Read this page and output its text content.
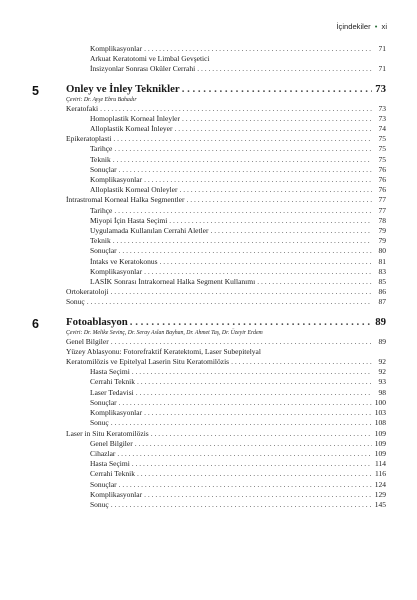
İçindekiler • xi
Komplikasyonlar . . .	71
Arkuat Keratotomi ve Limbal Gevşetici
İnsizyonlar Sonrası Oküler Cerrahi . . .	71
5	Onley ve İnley Teknikler . . .	73
Çeviri: Dr. Ayşe Ebru Bahadır
Keratofaki . . .	73
Homoplastik Korneal İnleyler . . .	73
Alloplastik Korneal İnleyer . . .	74
Epikeratoplasti . . .	75
Tarihçe . . .	75
Teknik . . .	75
Sonuçlar . . .	76
Komplikasyonlar . . .	76
Alloplastik Korneal Onleyler . . .	76
İntrastromal Korneal Halka Segmentler . . .	77
Tarihçe . . .	77
Miyopi İçin Hasta Seçimi . . .	78
Uygulamada Kullanılan Cerrahi Aletler . . .	79
Teknik . . .	79
Sonuçlar . . .	80
İntaks ve Keratokonus . . .	81
Komplikasyonlar . . .	83
LASİK Sonrası İntrakorneal Halka Segment Kullanımı . . .	85
Ortokeratoloji . . .	86
Sonuç . . .	87
6	Fotoablasyon . . .	89
Çeviri: Dr. Melike Sevinç, Dr. Seray Aslan Bayhan, Dr. Ahmet Taş, Dr. Üzeyir Erdem
Genel Bilgiler . . .	89
Yüzey Ablasyonu: Fotorefraktif Keratektomi, Laser Subepitelyal
Keratomilözis ve Epitelyal Laserin Situ Keratomilözis . . .	92
Hasta Seçimi . . .	92
Cerrahi Teknik . . .	93
Laser Tedavisi . . .	98
Sonuçlar . . .	100
Komplikasyonlar . . .	103
Sonuç . . .	108
Laser in Situ Keratomilözis . . .	109
Genel Bilgiler . . .	109
Cihazlar . . .	109
Hasta Seçimi . . .	114
Cerrahi Teknik . . .	116
Sonuçlar . . .	124
Komplikasyonlar . . .	129
Sonuç . . .	145
